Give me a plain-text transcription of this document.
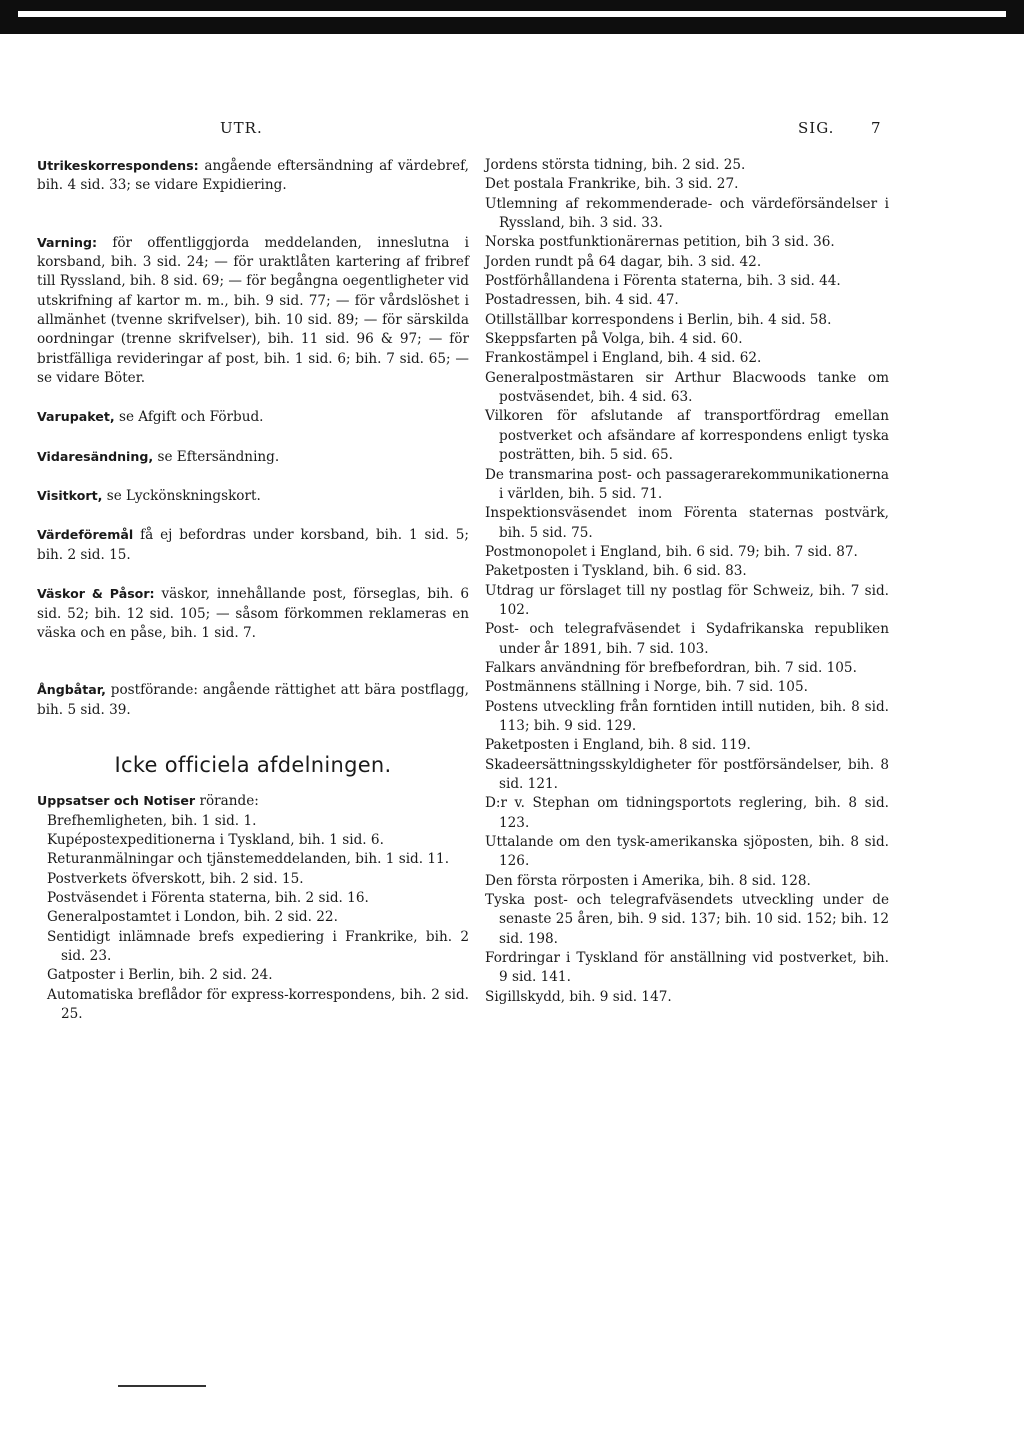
UTR.	SIG. 7
Utrikeskorrespondens: angående eftersändning af värdebref, bih. 4 sid. 33; se vidare Expidiering.
Varning: för offentliggjorda meddelanden, inneslutna i korsband, bih. 3 sid. 24; — för uraktlåten kartering af fribref till Ryssland, bih. 8 sid. 69; — för begångna oegentligheter vid utskrifning af kartor m. m., bih. 9 sid. 77; — för vårdslöshet i allmänhet (tvenne skrifvelser), bih. 10 sid. 89; — för särskilda oordningar (trenne skrifvelser), bih. 11 sid. 96 & 97; — för bristfälliga revideringar af post, bih. 1 sid. 6; bih. 7 sid. 65; — se vidare Böter.
Varupaket, se Afgift och Förbud.
Vidaresändning, se Eftersändning.
Visitkort, se Lyckönskningskort.
Värdeföremål få ej befordras under korsband, bih. 1 sid. 5; bih. 2 sid. 15.
Väskor & Påsor: väskor, innehållande post, förseglas, bih. 6 sid. 52; bih. 12 sid. 105; — såsom förkommen reklameras en väska och en påse, bih. 1 sid. 7.
Ångbåtar, postförande: angående rättighet att bära postflagg, bih. 5 sid. 39.
Icke officiela afdelningen.
Uppsatser och Notiser rörande:
Brefhemligheten, bih. 1 sid. 1.
Kupépostexpeditionerna i Tyskland, bih. 1 sid. 6.
Returanmälningar och tjänstemeddelanden, bih. 1 sid. 11.
Postverkets öfverskott, bih. 2 sid. 15.
Postväsendet i Förenta staterna, bih. 2 sid. 16.
Generalpostamtet i London, bih. 2 sid. 22.
Sentidigt inlämnade brefs expediering i Frankrike, bih. 2 sid. 23.
Gatposter i Berlin, bih. 2 sid. 24.
Automatiska breflådor för express-korrespondens, bih. 2 sid. 25.
Jordens största tidning, bih. 2 sid. 25.
Det postala Frankrike, bih. 3 sid. 27.
Utlemning af rekommenderade- och värdeförsändelser i Ryssland, bih. 3 sid. 33.
Norska postfunktionärernas petition, bih 3 sid. 36.
Jorden rundt på 64 dagar, bih. 3 sid. 42.
Postförhållandena i Förenta staterna, bih. 3 sid. 44.
Postadressen, bih. 4 sid. 47.
Otillställbar korrespondens i Berlin, bih. 4 sid. 58.
Skeppsfarten på Volga, bih. 4 sid. 60.
Frankostämpel i England, bih. 4 sid. 62.
Generalpostmästaren sir Arthur Blacwoods tanke om postväsendet, bih. 4 sid. 63.
Vilkoren för afslutande af transportfördrag emellan postverket och afsändare af korrespondens enligt tyska posträtten, bih. 5 sid. 65.
De transmarina post- och passagerarekommunikationerna i världen, bih. 5 sid. 71.
Inspektionsväsendet inom Förenta staternas postvärk, bih. 5 sid. 75.
Postmonopolet i England, bih. 6 sid. 79; bih. 7 sid. 87.
Paketposten i Tyskland, bih. 6 sid. 83.
Utdrag ur förslaget till ny postlag för Schweiz, bih. 7 sid. 102.
Post- och telegrafväsendet i Sydafrikanska republiken under år 1891, bih. 7 sid. 103.
Falkars användning för brefbefordran, bih. 7 sid. 105.
Postmännens ställning i Norge, bih. 7 sid. 105.
Postens utveckling från forntiden intill nutiden, bih. 8 sid. 113; bih. 9 sid. 129.
Paketposten i England, bih. 8 sid. 119.
Skadeersättningsskyldigheter för postförsändelser, bih. 8 sid. 121.
D:r v. Stephan om tidningsportots reglering, bih. 8 sid. 123.
Uttalande om den tysk-amerikanska sjöposten, bih. 8 sid. 126.
Den första rörposten i Amerika, bih. 8 sid. 128.
Tyska post- och telegrafväsendets utveckling under de senaste 25 åren, bih. 9 sid. 137; bih. 10 sid. 152; bih. 12 sid. 198.
Fordringar i Tyskland för anställning vid postverket, bih. 9 sid. 141.
Sigillskydd, bih. 9 sid. 147.
